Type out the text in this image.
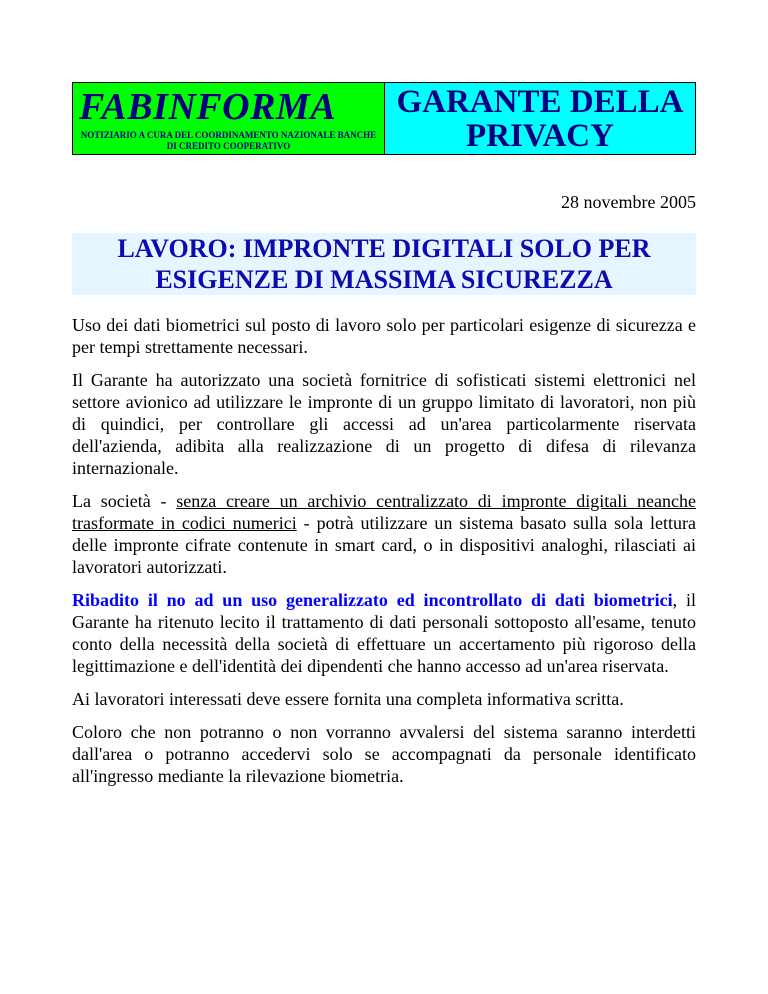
FABINFORMA
NOTIZIARIO A CURA DEL COORDINAMENTO NAZIONALE BANCHE DI CREDITO COOPERATIVO
GARANTE DELLA PRIVACY
28 novembre 2005
LAVORO: IMPRONTE DIGITALI SOLO PER ESIGENZE DI MASSIMA SICUREZZA

Uso dei dati biometrici sul posto di lavoro solo per particolari esigenze di sicurezza e per tempi strettamente necessari.

Il Garante ha autorizzato una società fornitrice di sofisticati sistemi elettronici nel settore avionico ad utilizzare le impronte di un gruppo limitato di lavoratori, non più di quindici, per controllare gli accessi ad un'area particolarmente riservata dell'azienda, adibita alla realizzazione di un progetto di difesa di rilevanza internazionale.

La società - senza creare un archivio centralizzato di impronte digitali neanche trasformate in codici numerici - potrà utilizzare un sistema basato sulla sola lettura delle impronte cifrate contenute in smart card, o in dispositivi analoghi, rilasciati ai lavoratori autorizzati.

Ribadito il no ad un uso generalizzato ed incontrollato di dati biometrici, il Garante ha ritenuto lecito il trattamento di dati personali sottoposto all'esame, tenuto conto della necessità della società di effettuare un accertamento più rigoroso della legittimazione e dell'identità dei dipendenti che hanno accesso ad un'area riservata.

Ai lavoratori interessati deve essere fornita una completa informativa scritta.

Coloro che non potranno o non vorranno avvalersi del sistema saranno interdetti dall'area o potranno accedervi solo se accompagnati da personale identificato all'ingresso mediante la rilevazione biometria.
